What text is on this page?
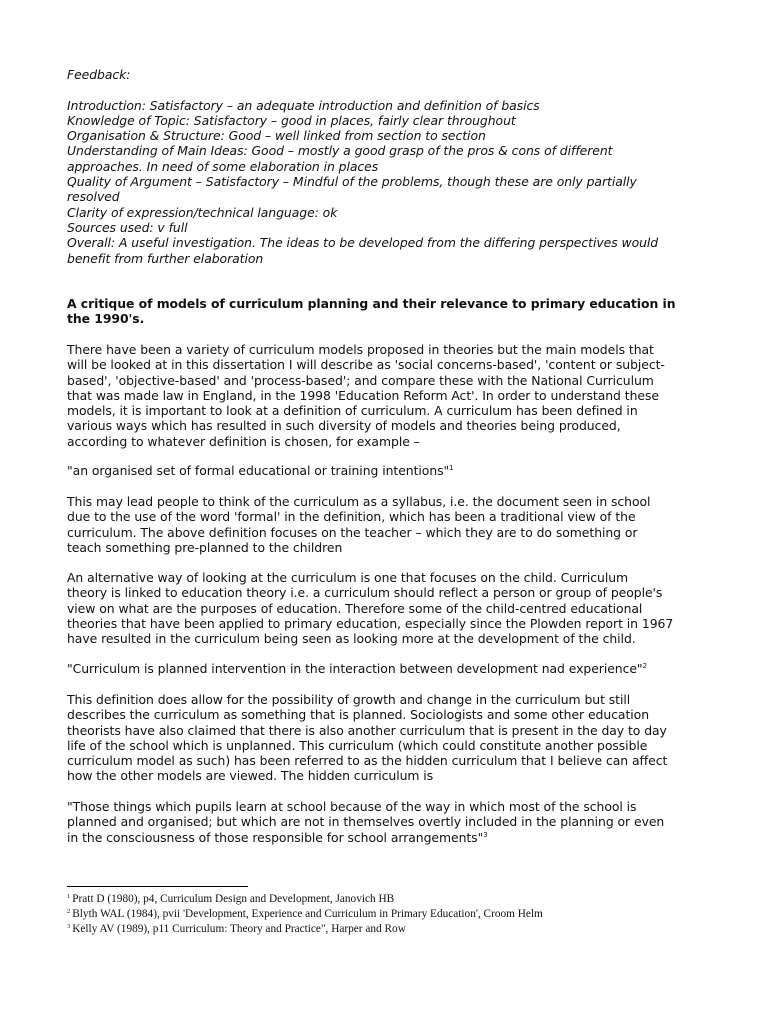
Feedback:

Introduction: Satisfactory – an adequate introduction and definition of basics
Knowledge of Topic: Satisfactory – good in places, fairly clear throughout
Organisation & Structure: Good – well linked from section to section
Understanding of Main Ideas: Good – mostly a good grasp of the pros & cons of different
approaches. In need of some elaboration in places
Quality of Argument – Satisfactory – Mindful of the problems, though these are only partially
resolved
Clarity of expression/technical language: ok
Sources used: v full
Overall: A useful investigation. The ideas to be developed from the differing perspectives would
benefit from further elaboration
A critique of models of curriculum planning and their relevance to primary education in
the 1990's.
There have been a variety of curriculum models proposed in theories but the main models that
will be looked at in this dissertation I will describe as 'social concerns-based', 'content or subject-
based', 'objective-based' and 'process-based'; and compare these with the National Curriculum
that was made law in England, in the 1998 'Education Reform Act'. In order to understand these
models, it is important to look at a definition of curriculum. A curriculum has been defined in
various ways which has resulted in such diversity of models and theories being produced,
according to whatever definition is chosen, for example –
"an organised set of formal educational or training intentions"$^1$
This may lead people to think of the curriculum as a syllabus, i.e. the document seen in school
due to the use of the word 'formal' in the definition, which has been a traditional view of the
curriculum. The above definition focuses on the teacher – which they are to do something or
teach something pre-planned to the children
An alternative way of looking at the curriculum is one that focuses on the child. Curriculum
theory is linked to education theory i.e. a curriculum should reflect a person or group of people's
view on what are the purposes of education. Therefore some of the child-centred educational
theories that have been applied to primary education, especially since the Plowden report in 1967
have resulted in the curriculum being seen as looking more at the development of the child.
"Curriculum is planned intervention in the interaction between development nad experience"$^2$
This definition does allow for the possibility of growth and change in the curriculum but still
describes the curriculum as something that is planned. Sociologists and some other education
theorists have also claimed that there is also another curriculum that is present in the day to day
life of the school which is unplanned. This curriculum (which could constitute another possible
curriculum model as such) has been referred to as the hidden curriculum that I believe can affect
how the other models are viewed. The hidden curriculum is
"Those things which pupils learn at school because of the way in which most of the school is
planned and organised; but which are not in themselves overtly included in the planning or even
in the consciousness of those responsible for school arrangements"$^3$
$^1$ Pratt D (1980), p4, Curriculum Design and Development, Janovich HB
$^2$ Blyth WAL (1984), pvii 'Development, Experience and Curriculum in Primary Education', Croom Helm
$^3$ Kelly AV (1989), p11 Curriculum: Theory and Practice", Harper and Row
